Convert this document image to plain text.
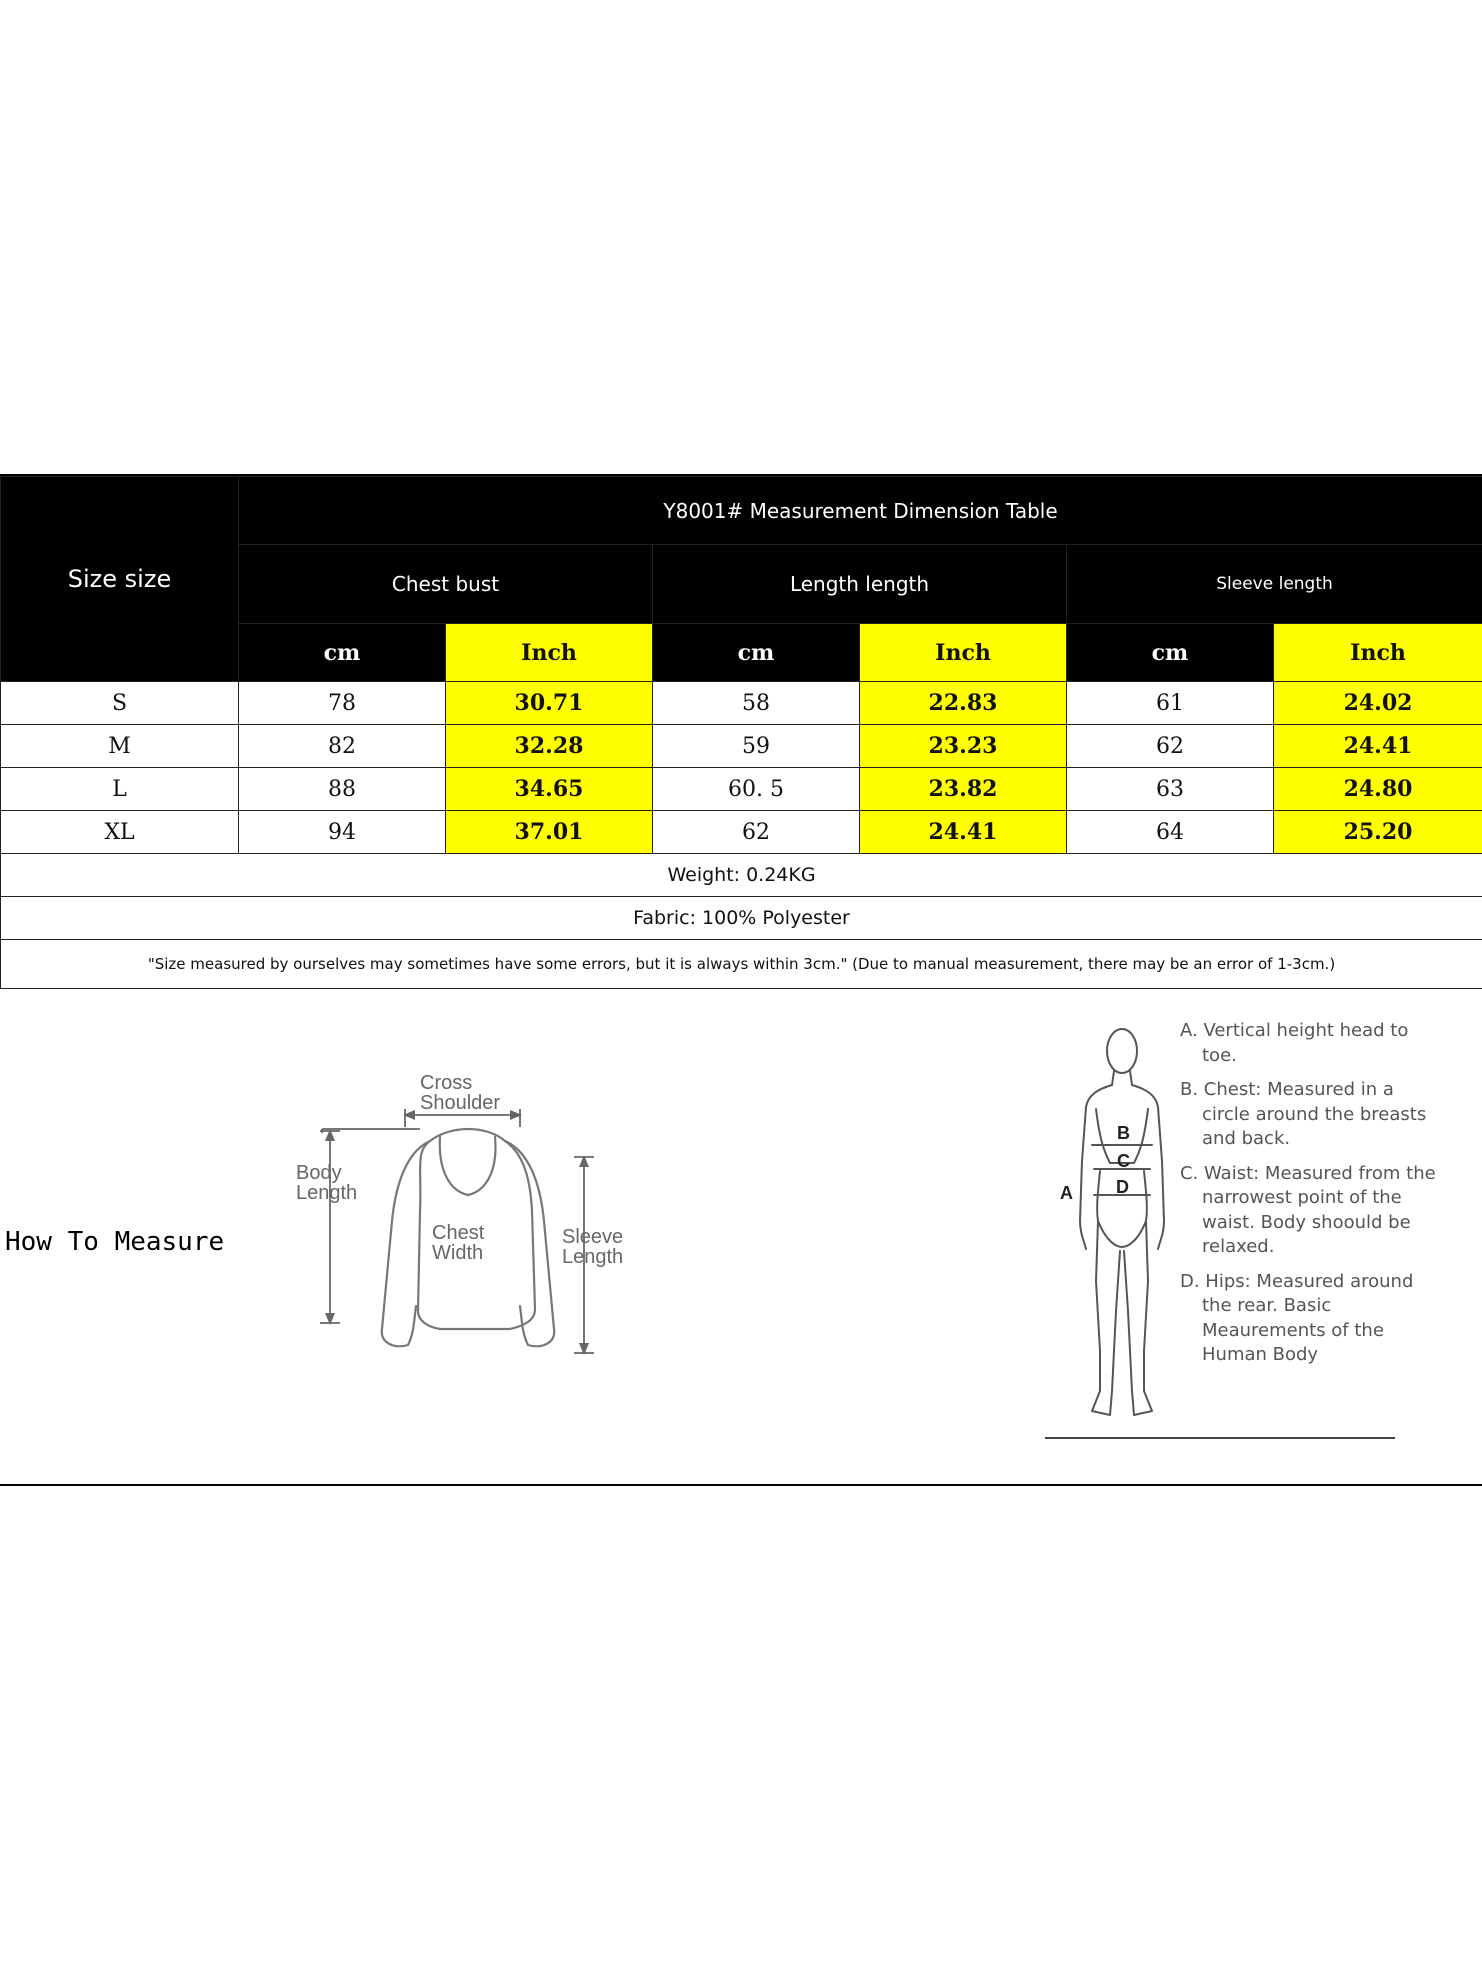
Size size	Y8001# Measurement Dimension Table					
	Chest bust		Length length		Sleeve length	
	cm	Inch	cm	Inch	cm	Inch
S	78	30.71	58	22.83	61	24.02
M	82	32.28	59	23.23	62	24.41
L	88	34.65	60. 5	23.82	63	24.80
XL	94	37.01	62	24.41	64	25.20
Weight: 0.24KG						
Fabric: 100% Polyester						
"Size measured by ourselves may sometimes have some errors, but it is always within 3cm." (Due to manual measurement, there may be an error of 1-3cm.)						
How To Measure
Cross
Shoulder
Body
Length
Chest
Width
Sleeve
Length
B
C
D
A
A. Vertical height head to toe.
B. Chest: Measured in a circle around the breasts and back.
C. Waist: Measured from the narrowest point of the waist. Body shoould be relaxed.
D. Hips: Measured around the rear. Basic Meaurements of the Human Body
